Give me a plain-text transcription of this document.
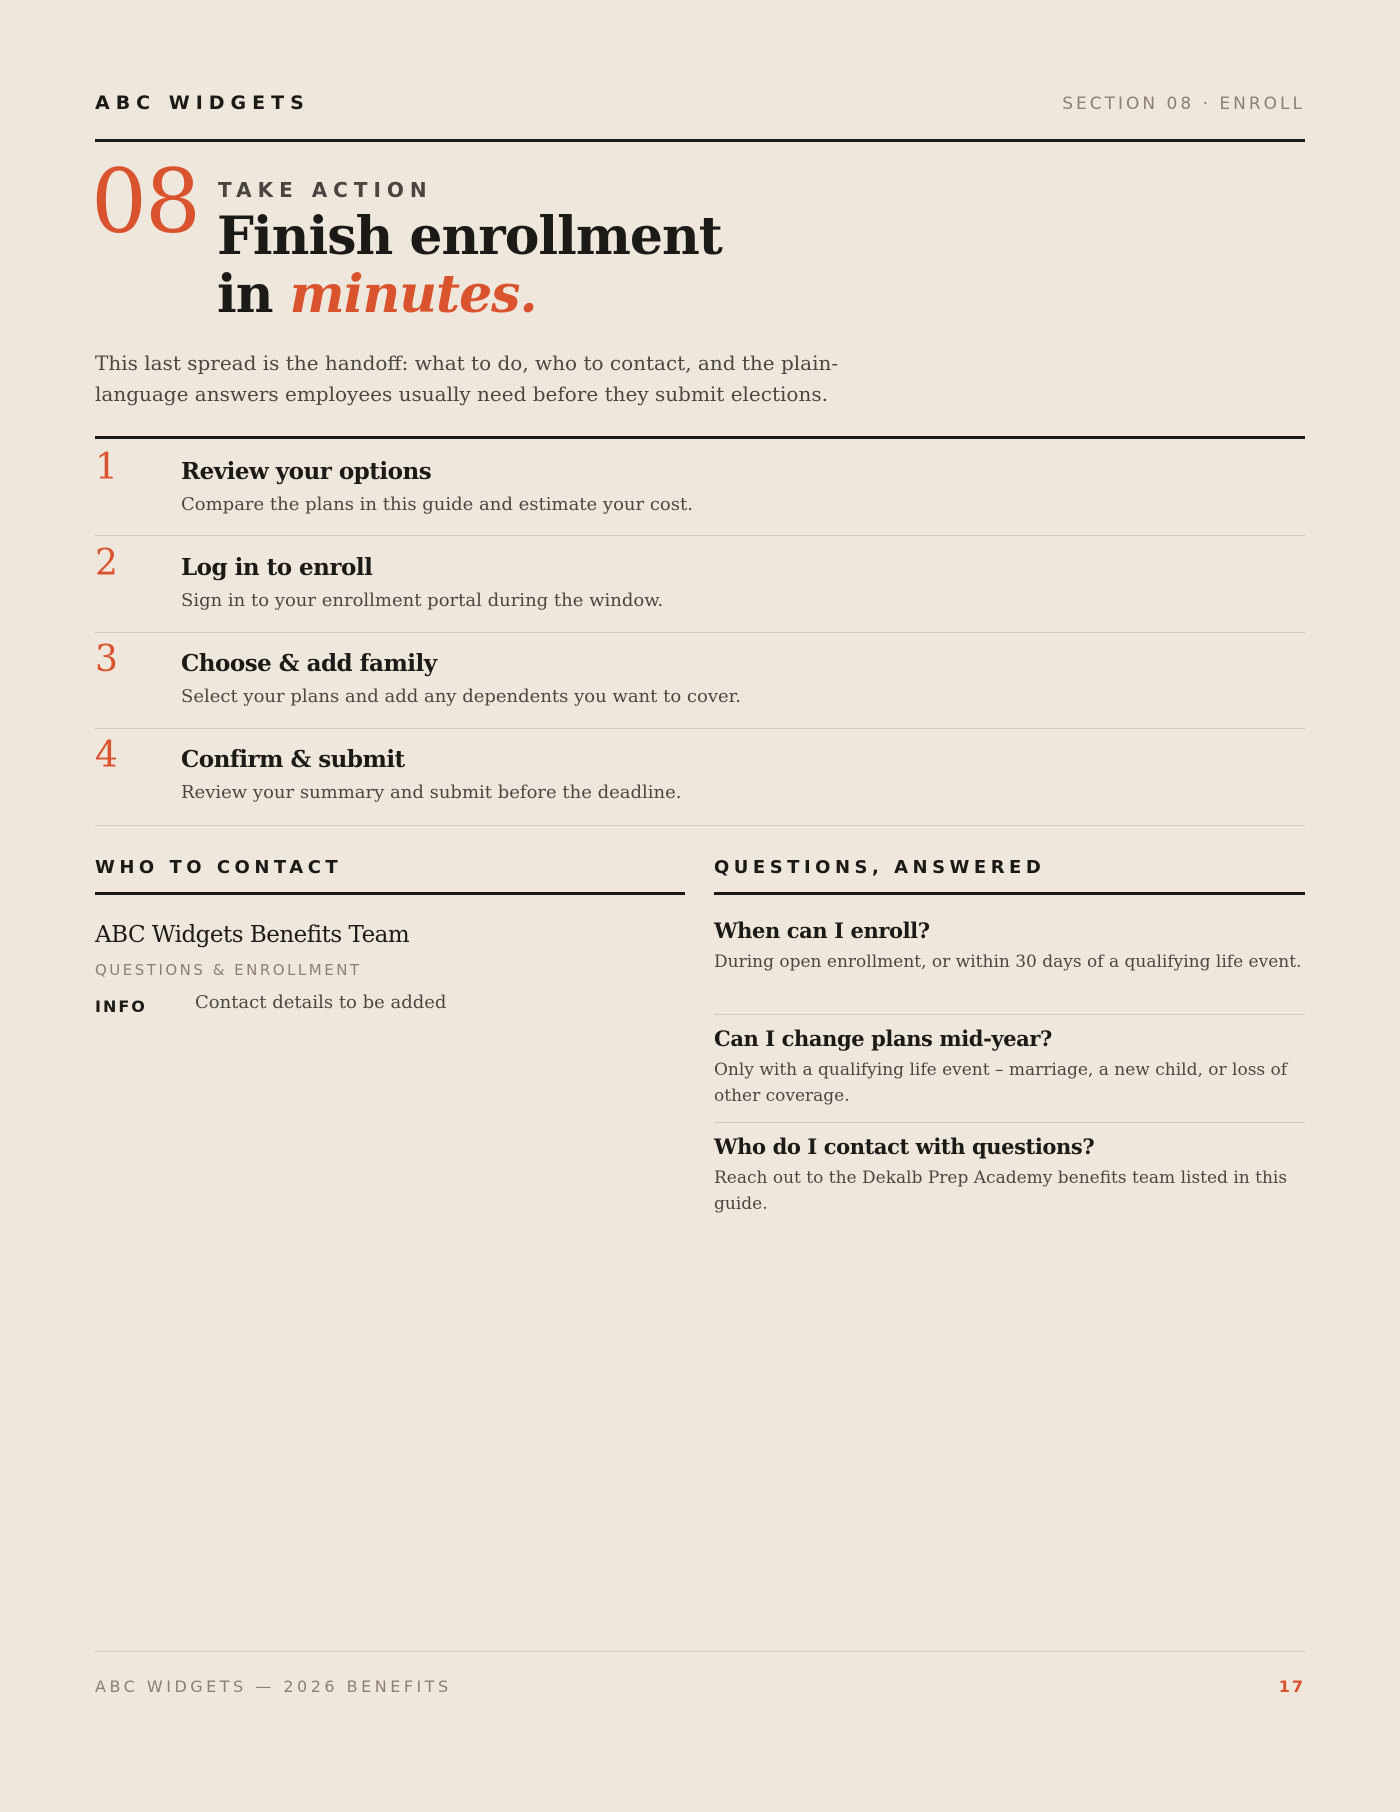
ABC WIDGETS	SECTION 08 · ENROLL
08 TAKE ACTION
Finish enrollment
in minutes.
This last spread is the handoff: what to do, who to contact, and the plain-language answers employees usually need before they submit elections.
1	Review your options
Compare the plans in this guide and estimate your cost.
2	Log in to enroll
Sign in to your enrollment portal during the window.
3	Choose & add family
Select your plans and add any dependents you want to cover.
4	Confirm & submit
Review your summary and submit before the deadline.
WHO TO CONTACT
ABC Widgets Benefits Team
QUESTIONS & ENROLLMENT
INFO	Contact details to be added
QUESTIONS, ANSWERED

When can I enroll?

During open enrollment, or within 30 days of a qualifying life event.

Can I change plans mid-year?

Only with a qualifying life event – marriage, a new child, or loss of other coverage.

Who do I contact with questions?

Reach out to the Dekalb Prep Academy benefits team listed in this guide.

ABC WIDGETS — 2026 BENEFITS	17
